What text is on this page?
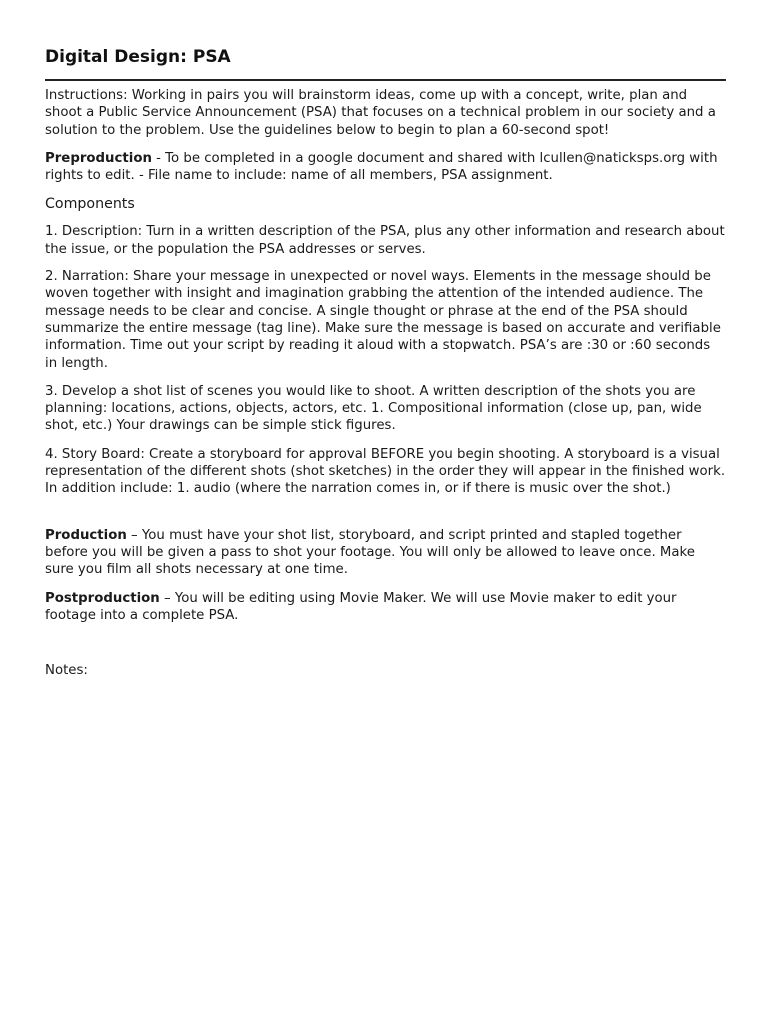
Digital Design: PSA

Instructions: Working in pairs you will brainstorm ideas, come up with a concept, write, plan and shoot a Public Service Announcement (PSA) that focuses on a technical problem in our society and a solution to the problem. Use the guidelines below to begin to plan a 60-second spot!

Preproduction - To be completed in a google document and shared with lcullen@naticksps.org with rights to edit. - File name to include: name of all members, PSA assignment.

Components

1. Description: Turn in a written description of the PSA, plus any other information and research about the issue, or the population the PSA addresses or serves.

2. Narration: Share your message in unexpected or novel ways. Elements in the message should be woven together with insight and imagination grabbing the attention of the intended audience. The message needs to be clear and concise. A single thought or phrase at the end of the PSA should summarize the entire message (tag line). Make sure the message is based on accurate and verifiable information. Time out your script by reading it aloud with a stopwatch. PSA’s are :30 or :60 seconds in length.

3. Develop a shot list of scenes you would like to shoot. A written description of the shots you are planning: locations, actions, objects, actors, etc. 1. Compositional information (close up, pan, wide shot, etc.) Your drawings can be simple stick figures.

4. Story Board: Create a storyboard for approval BEFORE you begin shooting. A storyboard is a visual representation of the different shots (shot sketches) in the order they will appear in the finished work.

In addition include: 1. audio (where the narration comes in, or if there is music over the shot.)

Production – You must have your shot list, storyboard, and script printed and stapled together before you will be given a pass to shot your footage. You will only be allowed to leave once. Make sure you film all shots necessary at one time.

Postproduction – You will be editing using Movie Maker. We will use Movie maker to edit your footage into a complete PSA.

Notes:
